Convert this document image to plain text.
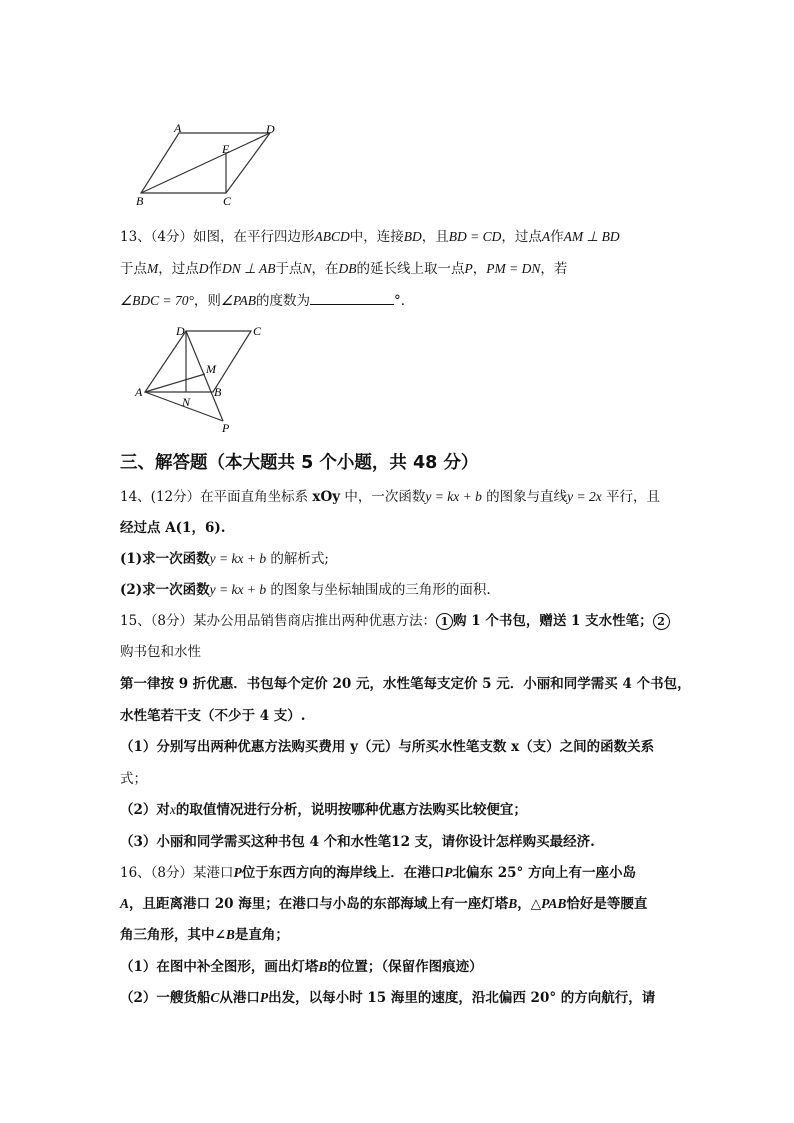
A	D
E
B	C
13、（4分）如图，在平行四边形ABCD中，连接BD，且BD = CD，过点A作AM ⊥ BD
于点M，过点D作DN ⊥ AB于点N，在DB的延长线上取一点P，PM = DN，若
∠BDC = 70°，则∠PAB的度数为	°．
D	C
M
A	B
N
P
三、解答题（本大题共 5 个小题，共 48 分）
14、(12分）在平面直角坐标系 xOy 中，一次函数y = kx + b 的图象与直线y = 2x 平行，且
经过点 A(1，6).
(1)求一次函数y = kx + b 的解析式;
(2)求一次函数y = kx + b 的图象与坐标轴围成的三角形的面积.
15、（8分）某办公用品销售商店推出两种优惠方法： 1 购 1 个书包，赠送 1 支水性笔； 2
购书包和水性
第一律按 9 折优惠．书包每个定价 20 元，水性笔每支定价 5 元．小丽和同学需买 4 个书包，
水性笔若干支（不少于 4 支）.
（1）分别写出两种优惠方法购买费用 y（元）与所买水性笔支数 x（支）之间的函数关系
式；
（2）对x的取值情况进行分析，说明按哪种优惠方法购买比较便宜；
（3）小丽和同学需买这种书包 4 个和水性笔12 支，请你设计怎样购买最经济.
16、（8分）某港口P位于东西方向的海岸线上．在港口P北偏东 25° 方向上有一座小岛
A，且距离港口 20 海里；在港口与小岛的东部海域上有一座灯塔B，△PAB恰好是等腰直
角三角形，其中∠B是直角；
（1）在图中补全图形，画出灯塔B的位置；（保留作图痕迹）
（2）一艘货船C从港口P出发，以每小时 15 海里的速度，沿北偏西 20° 的方向航行，请
